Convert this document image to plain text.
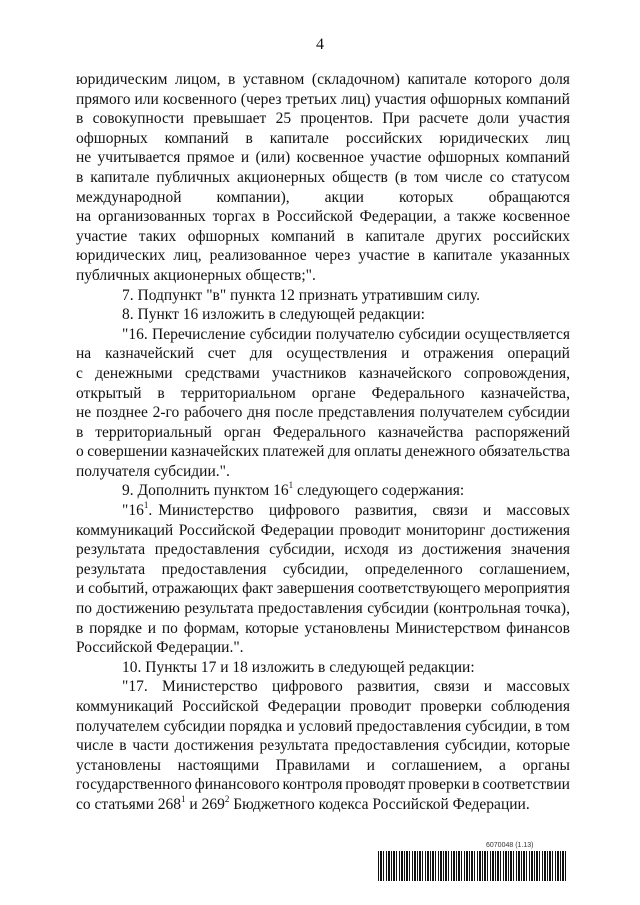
4
юридическим лицом, в уставном (складочном) капитале которого доля
прямого или косвенного (через третьих лиц) участия офшорных компаний
в совокупности превышает 25 процентов. При расчете доли участия
офшорных компаний в капитале российских юридических лиц
не учитывается прямое и (или) косвенное участие офшорных компаний
в капитале публичных акционерных обществ (в том числе со статусом
международной компании), акции которых обращаются
на организованных торгах в Российской Федерации, а также косвенное
участие таких офшорных компаний в капитале других российских
юридических лиц, реализованное через участие в капитале указанных
публичных акционерных обществ;".
7. Подпункт "в" пункта 12 признать утратившим силу.
8. Пункт 16 изложить в следующей редакции:
"16. Перечисление субсидии получателю субсидии осуществляется
на казначейский счет для осуществления и отражения операций
с денежными средствами участников казначейского сопровождения,
открытый в территориальном органе Федерального казначейства,
не позднее 2-го рабочего дня после представления получателем субсидии
в территориальный орган Федерального казначейства распоряжений
о совершении казначейских платежей для оплаты денежного обязательства
получателя субсидии.".
9. Дополнить пунктом $16^1$ следующего содержания:
"$16^1$. Министерство цифрового развития, связи и массовых
коммуникаций Российской Федерации проводит мониторинг достижения
результата предоставления субсидии, исходя из достижения значения
результата предоставления субсидии, определенного соглашением,
и событий, отражающих факт завершения соответствующего мероприятия
по достижению результата предоставления субсидии (контрольная точка),
в порядке и по формам, которые установлены Министерством финансов
Российской Федерации.".
10. Пункты 17 и 18 изложить в следующей редакции:
"17. Министерство цифрового развития, связи и массовых
коммуникаций Российской Федерации проводит проверки соблюдения
получателем субсидии порядка и условий предоставления субсидии, в том
числе в части достижения результата предоставления субсидии, которые
установлены настоящими Правилами и соглашением, а органы
государственного финансового контроля проводят проверки в соответствии
со статьями $268^1$ и $269^2$ Бюджетного кодекса Российской Федерации.
6070048 (1.13)
